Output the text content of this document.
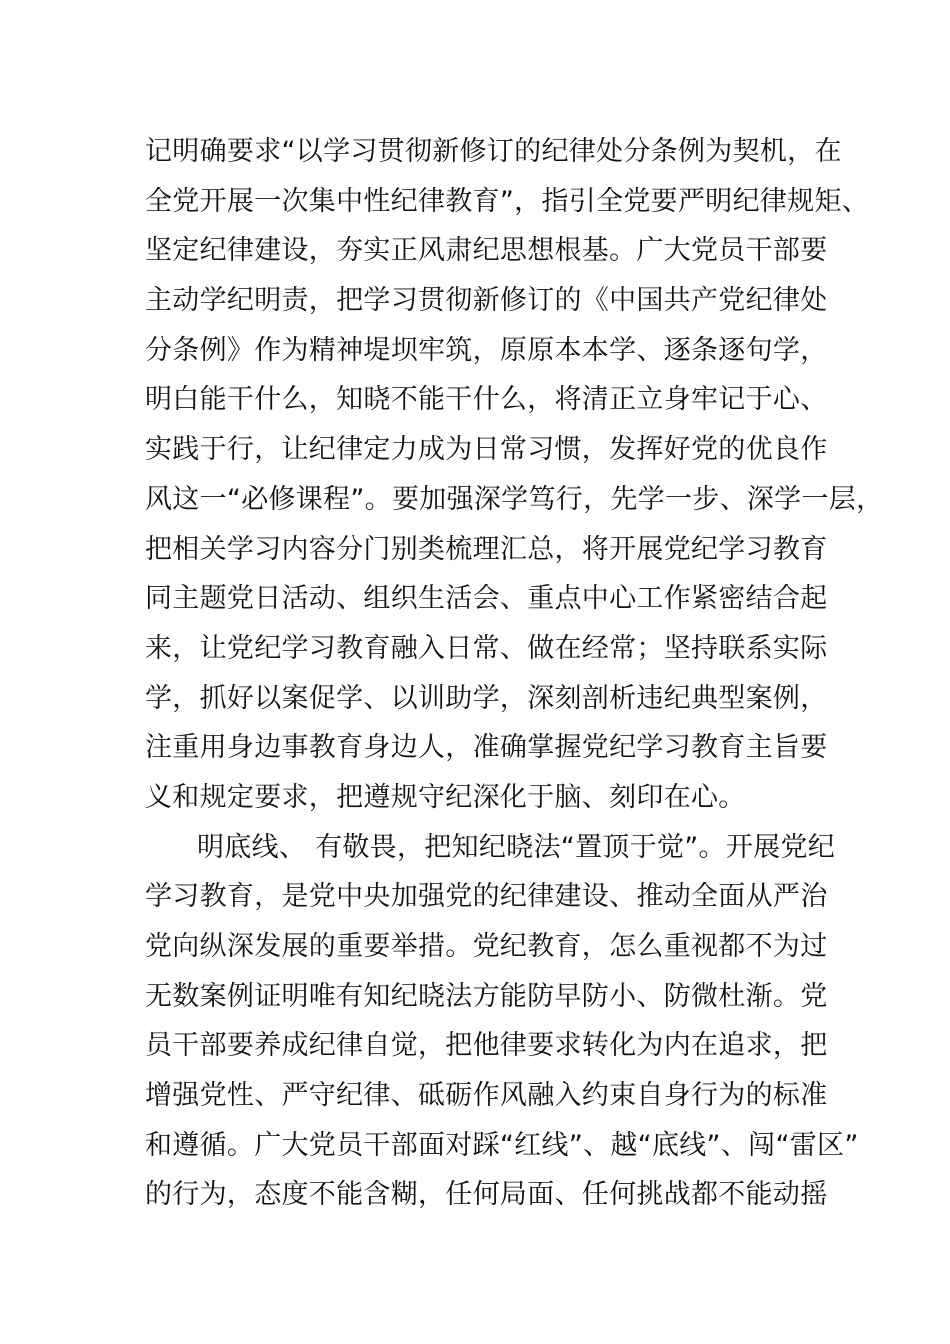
记明确要求“以学习贯彻新修订的纪律处分条例为契机，在
全党开展一次集中性纪律教育”，指引全党要严明纪律规矩、
坚定纪律建设，夯实正风肃纪思想根基。广大党员干部要
主动学纪明责，把学习贯彻新修订的《中国共产党纪律处
分条例》作为精神堤坝牢筑，原原本本学、逐条逐句学，
明白能干什么，知晓不能干什么，将清正立身牢记于心、
实践于行，让纪律定力成为日常习惯，发挥好党的优良作
风这一“必修课程”。要加强深学笃行，先学一步、深学一层，
把相关学习内容分门别类梳理汇总，将开展党纪学习教育
同主题党日活动、组织生活会、重点中心工作紧密结合起
来，让党纪学习教育融入日常、做在经常；坚持联系实际
学，抓好以案促学、以训助学，深刻剖析违纪典型案例，
注重用身边事教育身边人，准确掌握党纪学习教育主旨要
义和规定要求，把遵规守纪深化于脑、刻印在心。
明底线、 有敬畏，把知纪晓法“置顶于觉”。开展党纪
学习教育，是党中央加强党的纪律建设、推动全面从严治
党向纵深发展的重要举措。党纪教育，怎么重视都不为过
无数案例证明唯有知纪晓法方能防早防小、防微杜渐。党
员干部要养成纪律自觉，把他律要求转化为内在追求，把
增强党性、严守纪律、砥砺作风融入约束自身行为的标准
和遵循。广大党员干部面对踩“红线”、越“底线”、闯“雷区”
的行为，态度不能含糊，任何局面、任何挑战都不能动摇
